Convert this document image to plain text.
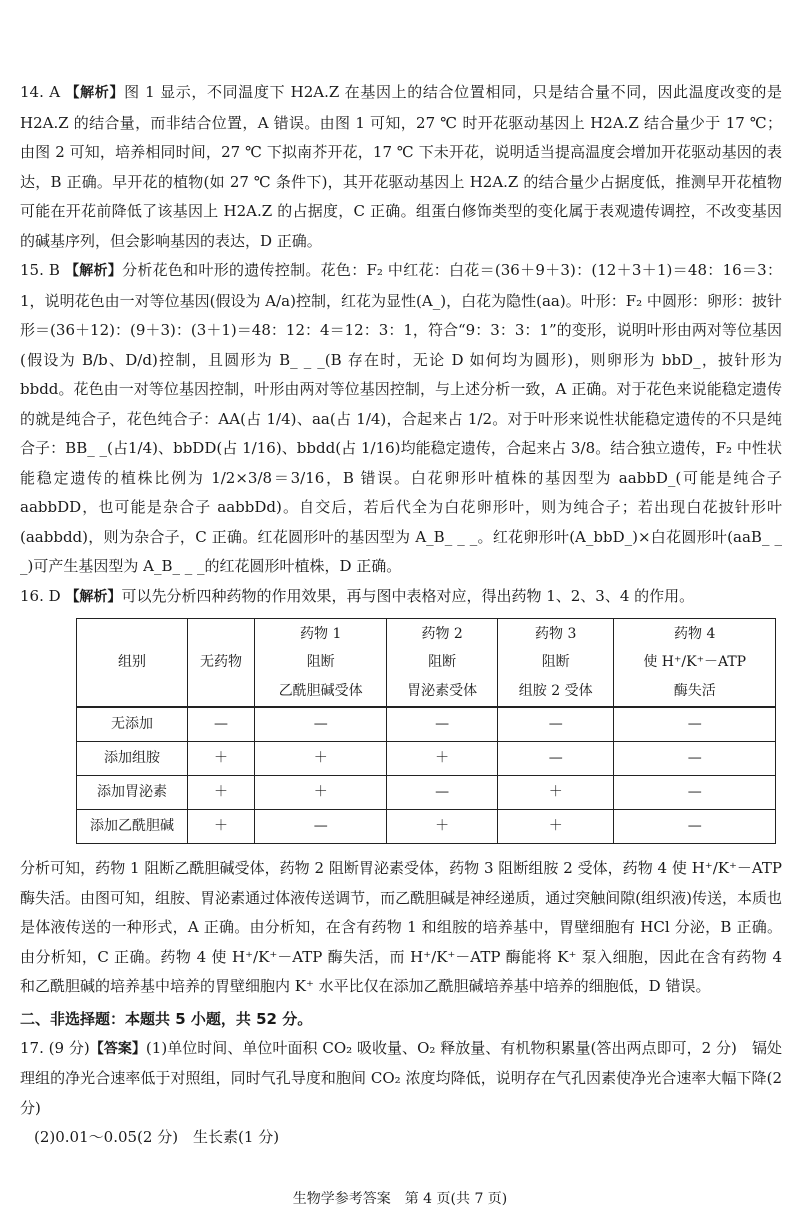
14. A 【解析】图 1 显示，不同温度下 H2A.Z 在基因上的结合位置相同，只是结合量不同，因此温度改变的是 H2A.Z 的结合量，而非结合位置，A 错误。由图 1 可知，27 ℃ 时开花驱动基因上 H2A.Z 结合量少于 17 ℃；由图 2 可知，培养相同时间，27 ℃ 下拟南芥开花，17 ℃ 下未开花，说明适当提高温度会增加开花驱动基因的表达，B 正确。早开花的植物(如 27 ℃ 条件下)，其开花驱动基因上 H2A.Z 的结合量少占据度低，推测早开花植物可能在开花前降低了该基因上 H2A.Z 的占据度，C 正确。组蛋白修饰类型的变化属于表观遗传调控，不改变基因的碱基序列，但会影响基因的表达，D 正确。

15. B 【解析】分析花色和叶形的遗传控制。花色：F₂ 中红花：白花＝(36＋9＋3)：(12＋3＋1)＝48：16＝3：1，说明花色由一对等位基因(假设为 A/a)控制，红花为显性(A_)，白花为隐性(aa)。叶形：F₂ 中圆形：卵形：披针形＝(36＋12)：(9＋3)：(3＋1)＝48：12：4＝12：3：1，符合“9：3：3：1”的变形，说明叶形由两对等位基因(假设为 B/b、D/d)控制，且圆形为 B_ _ _(B 存在时，无论 D 如何均为圆形)，则卵形为 bbD_，披针形为 bbdd。花色由一对等位基因控制，叶形由两对等位基因控制，与上述分析一致，A 正确。对于花色来说能稳定遗传的就是纯合子，花色纯合子：AA(占 1/4)、aa(占 1/4)，合起来占 1/2。对于叶形来说性状能稳定遗传的不只是纯合子：BB_ _(占1/4)、bbDD(占 1/16)、bbdd(占 1/16)均能稳定遗传，合起来占 3/8。结合独立遗传，F₂ 中性状能稳定遗传的植株比例为 1/2×3/8＝3/16，B 错误。白花卵形叶植株的基因型为 aabbD_(可能是纯合子 aabbDD，也可能是杂合子 aabbDd)。自交后，若后代全为白花卵形叶，则为纯合子；若出现白花披针形叶(aabbdd)，则为杂合子，C 正确。红花圆形叶的基因型为 A_B_ _ _。红花卵形叶(A_bbD_)×白花圆形叶(aaB_ _ _)可产生基因型为 A_B_ _ _的红花圆形叶植株，D 正确。

16. D 【解析】可以先分析四种药物的作用效果，再与图中表格对应，得出药物 1、2、3、4 的作用。

组别	无药物	药物 1	药物 2	药物 3	药物 4
		阻断	阻断	阻断	使 H⁺/K⁺－ATP
		乙酰胆碱受体	胃泌素受体	组胺 2 受体	酶失活
无添加	—	—	—	—	—
添加组胺	＋	＋	＋	—	—
添加胃泌素	＋	＋	—	＋	—
添加乙酰胆碱	＋	—	＋	＋	—

分析可知，药物 1 阻断乙酰胆碱受体，药物 2 阻断胃泌素受体，药物 3 阻断组胺 2 受体，药物 4 使 H⁺/K⁺－ATP 酶失活。由图可知，组胺、胃泌素通过体液传送调节，而乙酰胆碱是神经递质，通过突触间隙(组织液)传送，本质也是体液传送的一种形式，A 正确。由分析知，在含有药物 1 和组胺的培养基中，胃壁细胞有 HCl 分泌，B 正确。由分析知，C 正确。药物 4 使 H⁺/K⁺－ATP 酶失活，而 H⁺/K⁺－ATP 酶能将 K⁺ 泵入细胞，因此在含有药物 4 和乙酰胆碱的培养基中培养的胃壁细胞内 K⁺ 水平比仅在添加乙酰胆碱培养基中培养的细胞低，D 错误。

二、非选择题：本题共 5 小题，共 52 分。

17. (9 分)【答案】(1)单位时间、单位叶面积 CO₂ 吸收量、O₂ 释放量、有机物积累量(答出两点即可，2 分)　镉处理组的净光合速率低于对照组，同时气孔导度和胞间 CO₂ 浓度均降低，说明存在气孔因素使净光合速率大幅下降(2 分)

(2)0.01～0.05(2 分)　生长素(1 分)

生物学参考答案　第 4 页(共 7 页)
